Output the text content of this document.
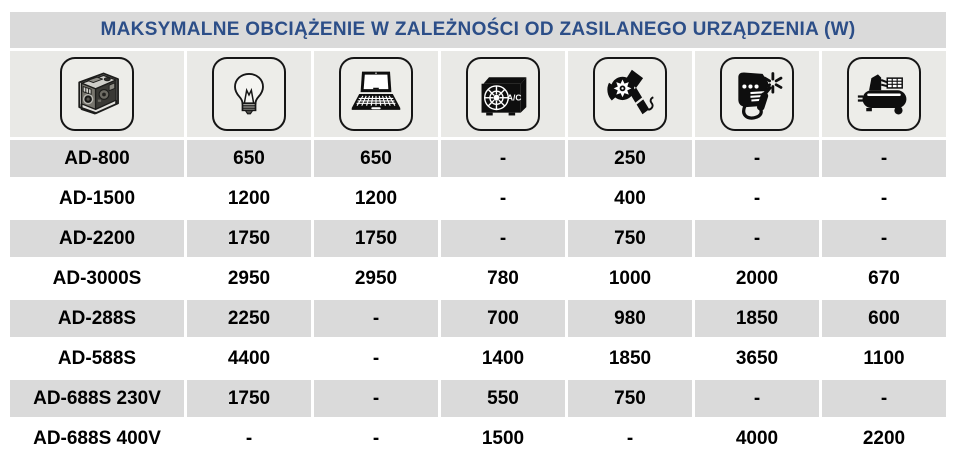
MAKSYMALNE OBCIĄŻENIE W ZALEŻNOŚCI OD ZASILANEGO URZĄDZENIA (W)						

A/C

AD-800	650	650	-	250	-	-
AD-1500	1200	1200	-	400	-	-
AD-2200	1750	1750	-	750	-	-
AD-3000S	2950	2950	780	1000	2000	670
AD-288S	2250	-	700	980	1850	600
AD-588S	4400	-	1400	1850	3650	1100
AD-688S 230V	1750	-	550	750	-	-
AD-688S 400V	-	-	1500	-	4000	2200
